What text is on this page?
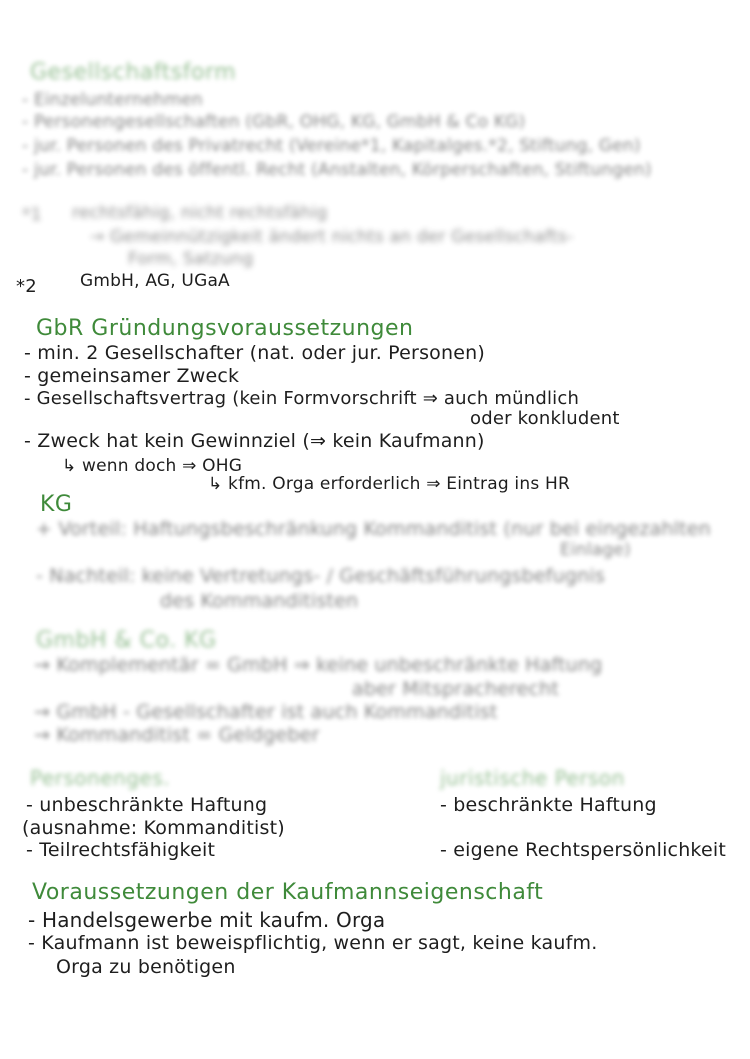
Gesellschaftsform
- Einzelunternehmen
- Personengesellschaften (GbR, OHG, KG, GmbH & Co KG)
- jur. Personen des Privatrecht (Vereine*1, Kapitalges.*2, Stiftung, Gen)
- jur. Personen des öffentl. Recht (Anstalten, Körperschaften, Stiftungen)
*1 rechtsfähig, nicht rechtsfähig
→ Gemeinnützigkeit ändert nichts an der Gesellschafts-
Form, Satzung
*2	GmbH, AG, UGaA
GbR Gründungsvoraussetzungen
- min. 2 Gesellschafter (nat. oder jur. Personen)
- gemeinsamer Zweck
- Gesellschaftsvertrag (kein Formvorschrift ⇒ auch mündlich
oder konkludent
- Zweck hat kein Gewinnziel (⇒ kein Kaufmann)
↳ wenn doch ⇒ OHG
↳ kfm. Orga erforderlich ⇒ Eintrag ins HR
KG
+ Vorteil: Haftungsbeschränkung Kommanditist (nur bei eingezahlten
Einlage)
- Nachteil: keine Vertretungs- / Geschäftsführungsbefugnis
des Kommanditisten
GmbH & Co. KG
→ Komplementär = GmbH ⇒ keine unbeschränkte Haftung
aber Mitspracherecht
→ GmbH - Gesellschafter ist auch Kommanditist
→ Kommanditist = Geldgeber
Personenges.	juristische Person
- unbeschränkte Haftung
(ausnahme: Kommanditist)
- Teilrechtsfähigkeit
- beschränkte Haftung
- eigene Rechtspersönlichkeit
Voraussetzungen der Kaufmannseigenschaft
- Handelsgewerbe mit kaufm. Orga
- Kaufmann ist beweispflichtig, wenn er sagt, keine kaufm.
Orga zu benötigen
